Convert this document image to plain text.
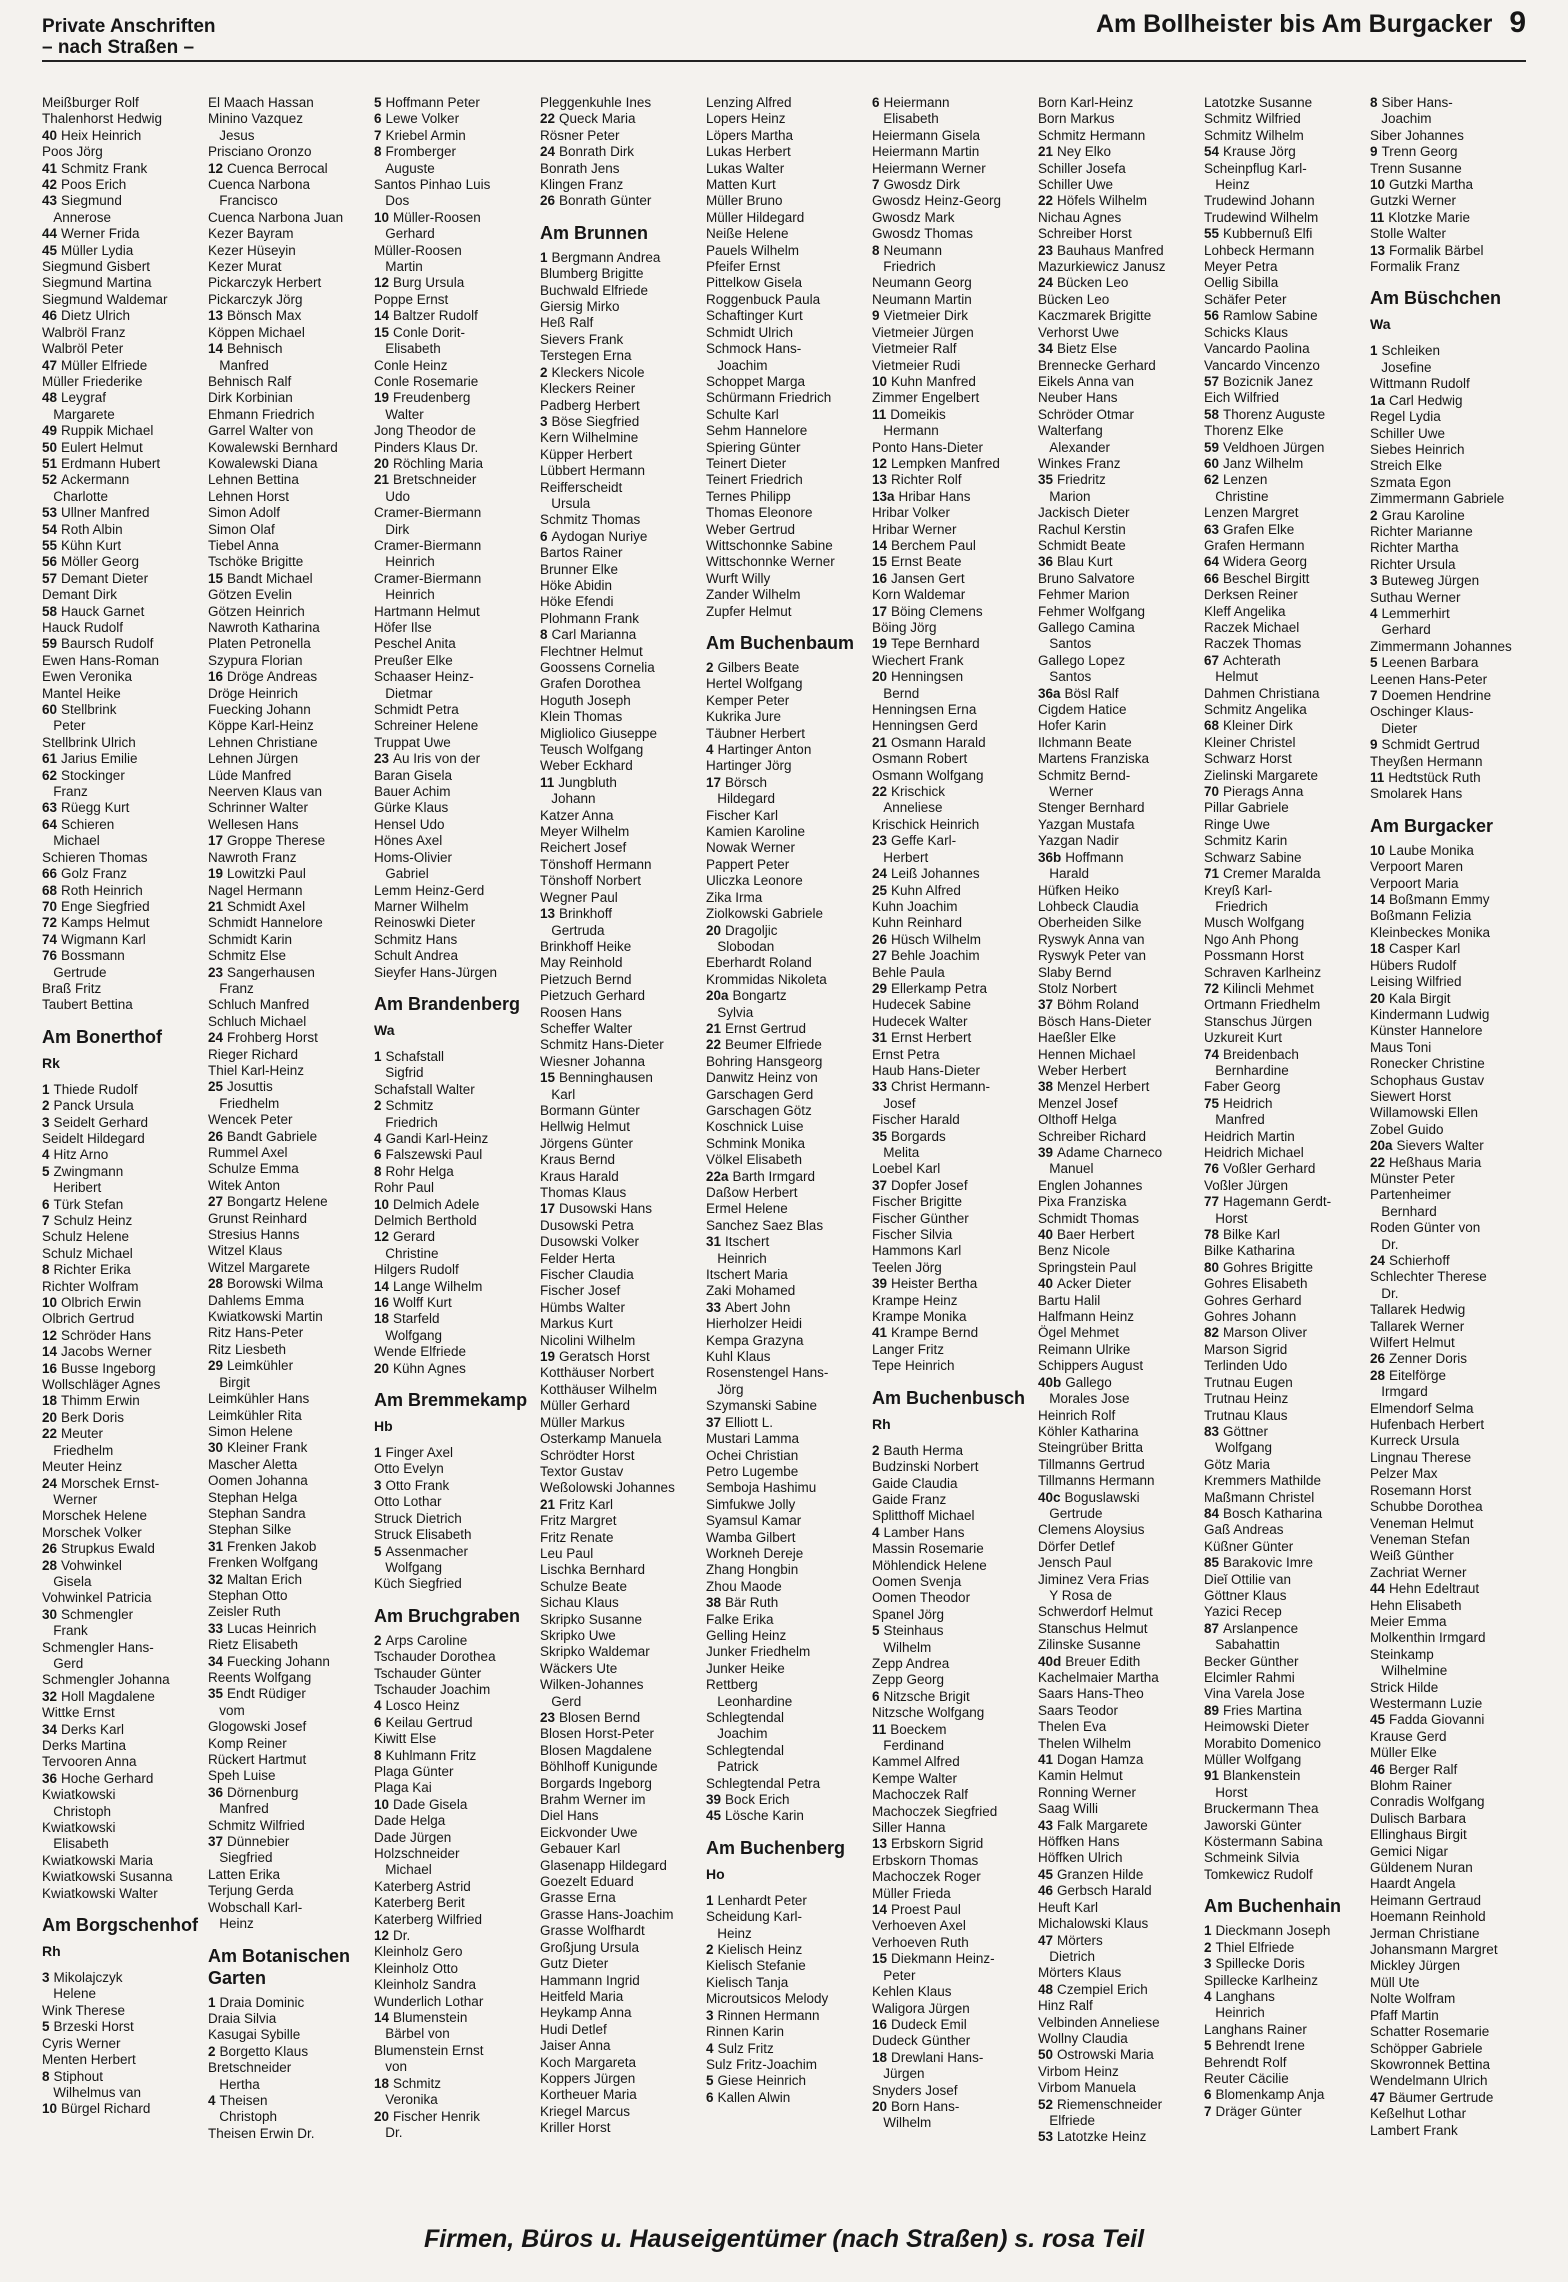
Private Anschriften
– nach Straßen –
Am Bollheister bis Am Burgacker 9
Meißburger Rolf
Thalenhorst Hedwig
40 Heix Heinrich
Poos Jörg
41 Schmitz Frank
42 Poos Erich
43 Siegmund
Annerose
44 Werner Frida
45 Müller Lydia
Siegmund Gisbert
Siegmund Martina
Siegmund Waldemar
46 Dietz Ulrich
Walbröl Franz
Walbröl Peter
47 Müller Elfriede
Müller Friederike
48 Leygraf
Margarete
49 Ruppik Michael
50 Eulert Helmut
51 Erdmann Hubert
52 Ackermann
Charlotte
53 Ullner Manfred
54 Roth Albin
55 Kühn Kurt
56 Möller Georg
57 Demant Dieter
Demant Dirk
58 Hauck Garnet
Hauck Rudolf
59 Baursch Rudolf
Ewen Hans-Roman
Ewen Veronika
Mantel Heike
60 Stellbrink
Peter
Stellbrink Ulrich
61 Jarius Emilie
62 Stockinger
Franz
63 Rüegg Kurt
64 Schieren
Michael
Schieren Thomas
66 Golz Franz
68 Roth Heinrich
70 Enge Siegfried
72 Kamps Helmut
74 Wigmann Karl
76 Bossmann
Gertrude
Braß Fritz
Taubert Bettina
Am Bonerthof
Rk
1 Thiede Rudolf
2 Panck Ursula
3 Seidelt Gerhard
Seidelt Hildegard
4 Hitz Arno
5 Zwingmann
Heribert
6 Türk Stefan
7 Schulz Heinz
Schulz Helene
Schulz Michael
8 Richter Erika
Richter Wolfram
10 Olbrich Erwin
Olbrich Gertrud
12 Schröder Hans
14 Jacobs Werner
16 Busse Ingeborg
Wollschläger Agnes
18 Thimm Erwin
20 Berk Doris
22 Meuter
Friedhelm
Meuter Heinz
24 Morschek Ernst-
Werner
Morschek Helene
Morschek Volker
26 Strupkus Ewald
28 Vohwinkel
Gisela
Vohwinkel Patricia
30 Schmengler
Frank
Schmengler Hans-
Gerd
Schmengler Johanna
32 Holl Magdalene
Wittke Ernst
34 Derks Karl
Derks Martina
Tervooren Anna
36 Hoche Gerhard
Kwiatkowski
Christoph
Kwiatkowski
Elisabeth
Kwiatkowski Maria
Kwiatkowski Susanna
Kwiatkowski Walter
Am Borgschenhof
Rh
3 Mikolajczyk
Helene
Wink Therese
5 Brzeski Horst
Cyris Werner
Menten Herbert
8 Stiphout
Wilhelmus van
10 Bürgel Richard
El Maach Hassan
Minino Vazquez
Jesus
Prisciano Oronzo
12 Cuenca Berrocal
Cuenca Narbona
Francisco
Cuenca Narbona Juan
Kezer Bayram
Kezer Hüseyin
Kezer Murat
Pickarczyk Herbert
Pickarczyk Jörg
13 Bönsch Max
Köppen Michael
14 Behnisch
Manfred
Behnisch Ralf
Dirk Korbinian
Ehmann Friedrich
Garrel Walter von
Kowalewski Bernhard
Kowalewski Diana
Lehnen Bettina
Lehnen Horst
Simon Adolf
Simon Olaf
Tiebel Anna
Tschöke Brigitte
15 Bandt Michael
Götzen Evelin
Götzen Heinrich
Nawroth Katharina
Platen Petronella
Szypura Florian
16 Dröge Andreas
Dröge Heinrich
Fuecking Johann
Köppe Karl-Heinz
Lehnen Christiane
Lehnen Jürgen
Lüde Manfred
Neerven Klaus van
Schrinner Walter
Wellesen Hans
17 Groppe Therese
Nawroth Franz
19 Lowitzki Paul
Nagel Hermann
21 Schmidt Axel
Schmidt Hannelore
Schmidt Karin
Schmitz Else
23 Sangerhausen
Franz
Schluch Manfred
Schluch Michael
24 Frohberg Horst
Rieger Richard
Thiel Karl-Heinz
25 Josuttis
Friedhelm
Wencek Peter
26 Bandt Gabriele
Rummel Axel
Schulze Emma
Witek Anton
27 Bongartz Helene
Grunst Reinhard
Stresius Hanns
Witzel Klaus
Witzel Margarete
28 Borowski Wilma
Dahlems Emma
Kwiatkowski Martin
Ritz Hans-Peter
Ritz Liesbeth
29 Leimkühler
Birgit
Leimkühler Hans
Leimkühler Rita
Simon Helene
30 Kleiner Frank
Mascher Aletta
Oomen Johanna
Stephan Helga
Stephan Sandra
Stephan Silke
31 Frenken Jakob
Frenken Wolfgang
32 Maltan Erich
Stephan Otto
Zeisler Ruth
33 Lucas Heinrich
Rietz Elisabeth
34 Fuecking Johann
Reents Wolfgang
35 Endt Rüdiger
vom
Glogowski Josef
Komp Reiner
Rückert Hartmut
Speh Luise
36 Dörnenburg
Manfred
Schmitz Wilfried
37 Dünnebier
Siegfried
Latten Erika
Terjung Gerda
Wobschall Karl-
Heinz
Am Botanischen Garten
1 Draia Dominic
Draia Silvia
Kasugai Sybille
2 Borgetto Klaus
Bretschneider
Hertha
4 Theisen
Christoph
Theisen Erwin Dr.
5 Hoffmann Peter
6 Lewe Volker
7 Kriebel Armin
8 Fromberger
Auguste
Santos Pinhao Luis
Dos
10 Müller-Roosen
Gerhard
Müller-Roosen
Martin
12 Burg Ursula
Poppe Ernst
14 Baltzer Rudolf
15 Conle Dorit-
Elisabeth
Conle Heinz
Conle Rosemarie
19 Freudenberg
Walter
Jong Theodor de
Pinders Klaus Dr.
20 Röchling Maria
21 Bretschneider
Udo
Cramer-Biermann
Dirk
Cramer-Biermann
Heinrich
Cramer-Biermann
Heinrich
Hartmann Helmut
Höfer Ilse
Peschel Anita
Preußer Elke
Schaaser Heinz-
Dietmar
Schmidt Petra
Schreiner Helene
Truppat Uwe
23 Au Iris von der
Baran Gisela
Bauer Achim
Gürke Klaus
Hensel Udo
Hönes Axel
Homs-Olivier
Gabriel
Lemm Heinz-Gerd
Marner Wilhelm
Reinoswki Dieter
Schmitz Hans
Schult Andrea
Sieyfer Hans-Jürgen
Am Brandenberg
Wa
1 Schafstall
Sigfrid
Schafstall Walter
2 Schmitz
Friedrich
4 Gandi Karl-Heinz
6 Falszewski Paul
8 Rohr Helga
Rohr Paul
10 Delmich Adele
Delmich Berthold
12 Gerard
Christine
Hilgers Rudolf
14 Lange Wilhelm
16 Wolff Kurt
18 Starfeld
Wolfgang
Wende Elfriede
20 Kühn Agnes
Am Bremmekamp
Hb
1 Finger Axel
Otto Evelyn
3 Otto Frank
Otto Lothar
Struck Dietrich
Struck Elisabeth
5 Assenmacher
Wolfgang
Küch Siegfried
Am Bruchgraben
2 Arps Caroline
Tschauder Dorothea
Tschauder Günter
Tschauder Joachim
4 Losco Heinz
6 Keilau Gertrud
Kiwitt Else
8 Kuhlmann Fritz
Plaga Günter
Plaga Kai
10 Dade Gisela
Dade Helga
Dade Jürgen
Holzschneider
Michael
Katerberg Astrid
Katerberg Berit
Katerberg Wilfried
12 Dr.
Kleinholz Gero
Kleinholz Otto
Kleinholz Sandra
Wunderlich Lothar
14 Blumenstein
Bärbel von
Blumenstein Ernst
von
18 Schmitz
Veronika
20 Fischer Henrik
Dr.
Pleggenkuhle Ines
22 Queck Maria
Rösner Peter
24 Bonrath Dirk
Bonrath Jens
Klingen Franz
26 Bonrath Günter
Am Brunnen
1 Bergmann Andrea
Blumberg Brigitte
Buchwald Elfriede
Giersig Mirko
Heß Ralf
Sievers Frank
Terstegen Erna
2 Kleckers Nicole
Kleckers Reiner
Padberg Herbert
3 Böse Siegfried
Kern Wilhelmine
Küpper Herbert
Lübbert Hermann
Reifferscheidt
Ursula
Schmitz Thomas
6 Aydogan Nuriye
Bartos Rainer
Brunner Elke
Höke Abidin
Höke Efendi
Plohmann Frank
8 Carl Marianna
Flechtner Helmut
Goossens Cornelia
Grafen Dorothea
Hoguth Joseph
Klein Thomas
Migliolico Giuseppe
Teusch Wolfgang
Weber Eckhard
11 Jungbluth
Johann
Katzer Anna
Meyer Wilhelm
Reichert Josef
Tönshoff Hermann
Tönshoff Norbert
Wegner Paul
13 Brinkhoff
Gertruda
Brinkhoff Heike
May Reinhold
Pietzuch Bernd
Pietzuch Gerhard
Roosen Hans
Scheffer Walter
Schmitz Hans-Dieter
Wiesner Johanna
15 Benninghausen
Karl
Bormann Günter
Hellwig Helmut
Jörgens Günter
Kraus Bernd
Kraus Harald
Thomas Klaus
17 Dusowski Hans
Dusowski Petra
Dusowski Volker
Felder Herta
Fischer Claudia
Fischer Josef
Hümbs Walter
Markus Kurt
Nicolini Wilhelm
19 Geratsch Horst
Kotthäuser Norbert
Kotthäuser Wilhelm
Müller Gerhard
Müller Markus
Osterkamp Manuela
Schrödter Horst
Textor Gustav
Weßolowski Johannes
21 Fritz Karl
Fritz Margret
Fritz Renate
Leu Paul
Lischka Bernhard
Schulze Beate
Sichau Klaus
Skripko Susanne
Skripko Uwe
Skripko Waldemar
Wäckers Ute
Wilken-Johannes
Gerd
23 Blosen Bernd
Blosen Horst-Peter
Blosen Magdalene
Böhlhoff Kunigunde
Borgards Ingeborg
Brahm Werner im
Diel Hans
Eickvonder Uwe
Gebauer Karl
Glasenapp Hildegard
Goezelt Eduard
Grasse Erna
Grasse Hans-Joachim
Grasse Wolfhardt
Großjung Ursula
Gutz Dieter
Hammann Ingrid
Heitfeld Maria
Heykamp Anna
Hudi Detlef
Jaiser Anna
Koch Margareta
Koppers Jürgen
Kortheuer Maria
Kriegel Marcus
Kriller Horst
Lenzing Alfred
Lopers Heinz
Löpers Martha
Lukas Herbert
Lukas Walter
Matten Kurt
Müller Bruno
Müller Hildegard
Neiße Helene
Pauels Wilhelm
Pfeifer Ernst
Pittelkow Gisela
Roggenbuck Paula
Schaftinger Kurt
Schmidt Ulrich
Schmock Hans-
Joachim
Schoppet Marga
Schürmann Friedrich
Schulte Karl
Sehm Hannelore
Spiering Günter
Teinert Dieter
Teinert Friedrich
Ternes Philipp
Thomas Eleonore
Weber Gertrud
Wittschonnke Sabine
Wittschonnke Werner
Wurft Willy
Zander Wilhelm
Zupfer Helmut
Am Buchenbaum
2 Gilbers Beate
Hertel Wolfgang
Kemper Peter
Kukrika Jure
Täubner Herbert
4 Hartinger Anton
Hartinger Jörg
17 Börsch
Hildegard
Fischer Karl
Kamien Karoline
Nowak Werner
Pappert Peter
Uliczka Leonore
Zika Irma
Ziolkowski Gabriele
20 Dragoljic
Slobodan
Eberhardt Roland
Krommidas Nikoleta
20a Bongartz
Sylvia
21 Ernst Gertrud
22 Beumer Elfriede
Bohring Hansgeorg
Danwitz Heinz von
Garschagen Gerd
Garschagen Götz
Koschnick Luise
Schmink Monika
Völkel Elisabeth
22a Barth Irmgard
Daßow Herbert
Ermel Helene
Sanchez Saez Blas
31 Itschert
Heinrich
Itschert Maria
Zaki Mohamed
33 Abert John
Hierholzer Heidi
Kempa Grazyna
Kuhl Klaus
Rosenstengel Hans-
Jörg
Szymanski Sabine
37 Elliott L.
Mustari Lamma
Ochei Christian
Petro Lugembe
Semboja Hashimu
Simfukwe Jolly
Syamsul Kamar
Wamba Gilbert
Workneh Dereje
Zhang Hongbin
Zhou Maode
38 Bär Ruth
Falke Erika
Gelling Heinz
Junker Friedhelm
Junker Heike
Rettberg
Leonhardine
Schlegtendal
Joachim
Schlegtendal
Patrick
Schlegtendal Petra
39 Bock Erich
45 Lösche Karin
Am Buchenberg
Ho
1 Lenhardt Peter
Scheidung Karl-
Heinz
2 Kielisch Heinz
Kielisch Stefanie
Kielisch Tanja
Microutsicos Melody
3 Rinnen Hermann
Rinnen Karin
4 Sulz Fritz
Sulz Fritz-Joachim
5 Giese Heinrich
6 Kallen Alwin
6 Heiermann
Elisabeth
Heiermann Gisela
Heiermann Martin
Heiermann Werner
7 Gwosdz Dirk
Gwosdz Heinz-Georg
Gwosdz Mark
Gwosdz Thomas
8 Neumann
Friedrich
Neumann Georg
Neumann Martin
9 Vietmeier Dirk
Vietmeier Jürgen
Vietmeier Ralf
Vietmeier Rudi
10 Kuhn Manfred
Zimmer Engelbert
11 Domeikis
Hermann
Ponto Hans-Dieter
12 Lempken Manfred
13 Richter Rolf
13a Hribar Hans
Hribar Volker
Hribar Werner
14 Berchem Paul
15 Ernst Beate
16 Jansen Gert
Korn Waldemar
17 Böing Clemens
Böing Jörg
19 Tepe Bernhard
Wiechert Frank
20 Henningsen
Bernd
Henningsen Erna
Henningsen Gerd
21 Osmann Harald
Osmann Robert
Osmann Wolfgang
22 Krischick
Anneliese
Krischick Heinrich
23 Geffe Karl-
Herbert
24 Leiß Johannes
25 Kuhn Alfred
Kuhn Joachim
Kuhn Reinhard
26 Hüsch Wilhelm
27 Behle Joachim
Behle Paula
29 Ellerkamp Petra
Hudecek Sabine
Hudecek Walter
31 Ernst Herbert
Ernst Petra
Haub Hans-Dieter
33 Christ Hermann-
Josef
Fischer Harald
35 Borgards
Melita
Loebel Karl
37 Dopfer Josef
Fischer Brigitte
Fischer Günther
Fischer Silvia
Hammons Karl
Teelen Jörg
39 Heister Bertha
Krampe Heinz
Krampe Monika
41 Krampe Bernd
Langer Fritz
Tepe Heinrich
Am Buchenbusch
Rh
2 Bauth Herma
Budzinski Norbert
Gaide Claudia
Gaide Franz
Splitthoff Michael
4 Lamber Hans
Massin Rosemarie
Möhlendick Helene
Oomen Svenja
Oomen Theodor
Spanel Jörg
5 Steinhaus
Wilhelm
Zepp Andrea
Zepp Georg
6 Nitzsche Brigit
Nitzsche Wolfgang
11 Boeckem
Ferdinand
Kammel Alfred
Kempe Walter
Machoczek Ralf
Machoczek Siegfried
Siller Hanna
13 Erbskorn Sigrid
Erbskorn Thomas
Machoczek Roger
Müller Frieda
14 Proest Paul
Verhoeven Axel
Verhoeven Ruth
15 Diekmann Heinz-
Peter
Kehlen Klaus
Waligora Jürgen
16 Dudeck Emil
Dudeck Günther
18 Drewlani Hans-
Jürgen
Snyders Josef
20 Born Hans-
Wilhelm
Born Karl-Heinz
Born Markus
Schmitz Hermann
21 Ney Elko
Schiller Josefa
Schiller Uwe
22 Höfels Wilhelm
Nichau Agnes
Schreiber Horst
23 Bauhaus Manfred
Mazurkiewicz Janusz
24 Bücken Leo
Bücken Leo
Kaczmarek Brigitte
Verhorst Uwe
34 Bietz Else
Brennecke Gerhard
Eikels Anna van
Neuber Hans
Schröder Otmar
Walterfang
Alexander
Winkes Franz
35 Friedritz
Marion
Jackisch Dieter
Rachul Kerstin
Schmidt Beate
36 Blau Kurt
Bruno Salvatore
Fehmer Marion
Fehmer Wolfgang
Gallego Camina
Santos
Gallego Lopez
Santos
36a Bösl Ralf
Cigdem Hatice
Hofer Karin
Ilchmann Beate
Martens Franziska
Schmitz Bernd-
Werner
Stenger Bernhard
Yazgan Mustafa
Yazgan Nadir
36b Hoffmann
Harald
Hüfken Heiko
Lohbeck Claudia
Oberheiden Silke
Ryswyk Anna van
Ryswyk Peter van
Slaby Bernd
Stolz Norbert
37 Böhm Roland
Bösch Hans-Dieter
Haeßler Elke
Hennen Michael
Weber Herbert
38 Menzel Herbert
Menzel Josef
Olthoff Helga
Schreiber Richard
39 Adame Charneco
Manuel
Englen Johannes
Pixa Franziska
Schmidt Thomas
40 Baer Herbert
Benz Nicole
Springstein Paul
40 Acker Dieter
Bartu Halil
Halfmann Heinz
Ögel Mehmet
Reimann Ulrike
Schippers August
40b Gallego
Morales Jose
Heinrich Rolf
Köhler Katharina
Steingrüber Britta
Tillmanns Gertrud
Tillmanns Hermann
40c Boguslawski
Gertrude
Clemens Aloysius
Dörfer Detlef
Jensch Paul
Jiminez Vera Frias
Y Rosa de
Schwerdorf Helmut
Stanschus Helmut
Zilinske Susanne
40d Breuer Edith
Kachelmaier Martha
Saars Hans-Theo
Saars Teodor
Thelen Eva
Thelen Wilhelm
41 Dogan Hamza
Kamin Helmut
Ronning Werner
Saag Willi
43 Falk Margarete
Höffken Hans
Höffken Ulrich
45 Granzen Hilde
46 Gerbsch Harald
Heuft Karl
Michalowski Klaus
47 Mörters
Dietrich
Mörters Klaus
48 Czempiel Erich
Hinz Ralf
Velbinden Anneliese
Wollny Claudia
50 Ostrowski Maria
Virbom Heinz
Virbom Manuela
52 Riemenschneider
Elfriede
53 Latotzke Heinz
Latotzke Susanne
Schmitz Wilfried
Schmitz Wilhelm
54 Krause Jörg
Scheinpflug Karl-
Heinz
Trudewind Johann
Trudewind Wilhelm
55 Kubbernuß Elfi
Lohbeck Hermann
Meyer Petra
Oellig Sibilla
Schäfer Peter
56 Ramlow Sabine
Schicks Klaus
Vancardo Paolina
Vancardo Vincenzo
57 Bozicnik Janez
Eich Wilfried
58 Thorenz Auguste
Thorenz Elke
59 Veldhoen Jürgen
60 Janz Wilhelm
62 Lenzen
Christine
Lenzen Margret
63 Grafen Elke
Grafen Hermann
64 Widera Georg
66 Beschel Birgitt
Derksen Reiner
Kleff Angelika
Raczek Michael
Raczek Thomas
67 Achterath
Helmut
Dahmen Christiana
Schmitz Angelika
68 Kleiner Dirk
Kleiner Christel
Schwarz Horst
Zielinski Margarete
70 Pierags Anna
Pillar Gabriele
Ringe Uwe
Schmitz Karin
Schwarz Sabine
71 Cremer Maralda
Kreyß Karl-
Friedrich
Musch Wolfgang
Ngo Anh Phong
Possmann Horst
Schraven Karlheinz
72 Kilincli Mehmet
Ortmann Friedhelm
Stanschus Jürgen
Uzkureit Kurt
74 Breidenbach
Bernhardine
Faber Georg
75 Heidrich
Manfred
Heidrich Martin
Heidrich Michael
76 Voßler Gerhard
Voßler Jürgen
77 Hagemann Gerdt-
Horst
78 Bilke Karl
Bilke Katharina
80 Gohres Brigitte
Gohres Elisabeth
Gohres Gerhard
Gohres Johann
82 Marson Oliver
Marson Sigrid
Terlinden Udo
Trutnau Eugen
Trutnau Heinz
Trutnau Klaus
83 Göttner
Wolfgang
Götz Maria
Kremmers Mathilde
Maßmann Christel
84 Bosch Katharina
Gaß Andreas
Küßner Günter
85 Barakovic Imre
Dieǐ Ottilie van
Göttner Klaus
Yazici Recep
87 Arslanpence
Sabahattin
Becker Günther
Elcimler Rahmi
Vina Varela Jose
89 Fries Martina
Heimowski Dieter
Morabito Domenico
Müller Wolfgang
91 Blankenstein
Horst
Bruckermann Thea
Jaworski Günter
Köstermann Sabina
Schmeink Silvia
Tomkewicz Rudolf
Am Buchenhain
1 Dieckmann Joseph
2 Thiel Elfriede
3 Spillecke Doris
Spillecke Karlheinz
4 Langhans
Heinrich
Langhans Rainer
5 Behrendt Irene
Behrendt Rolf
Reuter Cäcilie
6 Blomenkamp Anja
7 Dräger Günter
8 Siber Hans-
Joachim
Siber Johannes
9 Trenn Georg
Trenn Susanne
10 Gutzki Martha
Gutzki Werner
11 Klotzke Marie
Stolle Walter
13 Formalik Bärbel
Formalik Franz
Am Büschchen
Wa
1 Schleiken
Josefine
Wittmann Rudolf
1a Carl Hedwig
Regel Lydia
Schiller Uwe
Siebes Heinrich
Streich Elke
Szmata Egon
Zimmermann Gabriele
2 Grau Karoline
Richter Marianne
Richter Martha
Richter Ursula
3 Buteweg Jürgen
Suthau Werner
4 Lemmerhirt
Gerhard
Zimmermann Johannes
5 Leenen Barbara
Leenen Hans-Peter
7 Doemen Hendrine
Oschinger Klaus-
Dieter
9 Schmidt Gertrud
Theyßen Hermann
11 Hedtstück Ruth
Smolarek Hans
Am Burgacker
10 Laube Monika
Verpoort Maren
Verpoort Maria
14 Boßmann Emmy
Boßmann Felizia
Kleinbeckes Monika
18 Casper Karl
Hübers Rudolf
Leising Wilfried
20 Kala Birgit
Kindermann Ludwig
Künster Hannelore
Maus Toni
Ronecker Christine
Schophaus Gustav
Siewert Horst
Willamowski Ellen
Zobel Guido
20a Sievers Walter
22 Heßhaus Maria
Münster Peter
Partenheimer
Bernhard
Roden Günter von
Dr.
24 Schierhoff
Schlechter Therese
Dr.
Tallarek Hedwig
Tallarek Werner
Wilfert Helmut
26 Zenner Doris
28 Eitelförge
Irmgard
Elmendorf Selma
Hufenbach Herbert
Kurreck Ursula
Lingnau Therese
Pelzer Max
Rosemann Horst
Schubbe Dorothea
Veneman Helmut
Veneman Stefan
Weiß Günther
Zachriat Werner
44 Hehn Edeltraut
Hehn Elisabeth
Meier Emma
Molkenthin Irmgard
Steinkamp
Wilhelmine
Strick Hilde
Westermann Luzie
45 Fadda Giovanni
Krause Gerd
Müller Elke
46 Berger Ralf
Blohm Rainer
Conradis Wolfgang
Dulisch Barbara
Ellinghaus Birgit
Gemici Nigar
Güldenem Nuran
Haardt Angela
Heimann Gertraud
Hoemann Reinhold
Jerman Christiane
Johansmann Margret
Mickley Jürgen
Müll Ute
Nolte Wolfram
Pfaff Martin
Schatter Rosemarie
Schöpper Gabriele
Skowronnek Bettina
Wendelmann Ulrich
47 Bäumer Gertrude
Keßelhut Lothar
Lambert Frank
Firmen, Büros u. Hauseigentümer (nach Straßen) s. rosa Teil
